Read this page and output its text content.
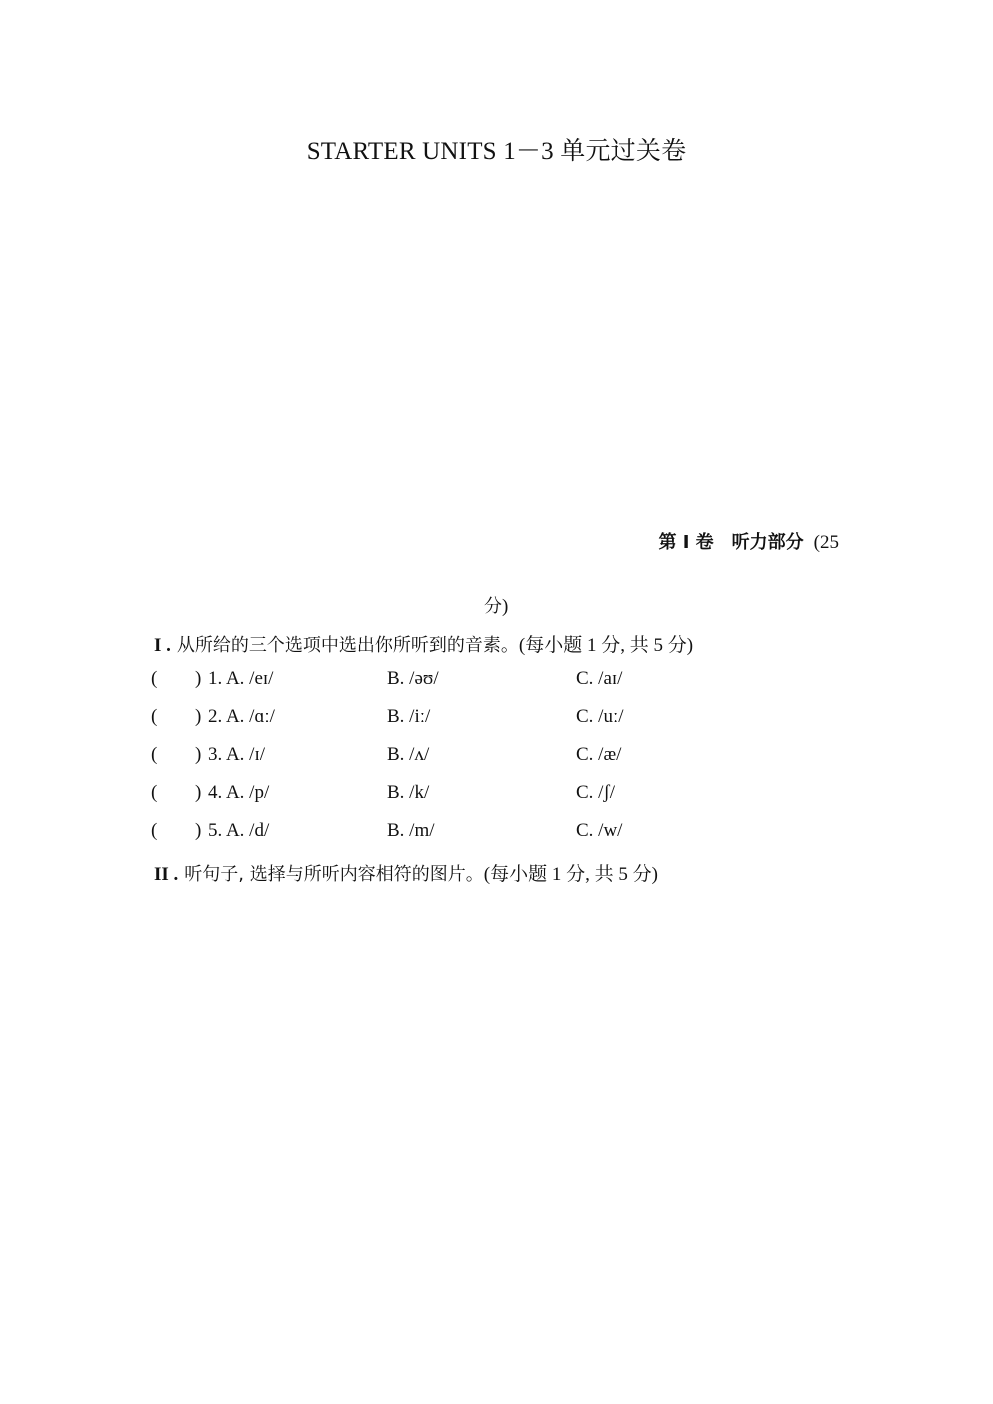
STARTER UNITS 1－3 单元过关卷
第 I 卷 听力部分 (25
分)
I . 从所给的三个选项中选出你所听到的音素。(每小题 1 分, 共 5 分)
( ) 1. A. /eɪ/	B. /əʊ/	C. /aɪ/
( ) 2. A. /ɑː/	B. /iː/	C. /uː/
( ) 3. A. /ɪ/	B. /ʌ/	C. /æ/
( ) 4. A. /p/	B. /k/	C. /ʃ/
( ) 5. A. /d/	B. /m/	C. /w/
II . 听句子, 选择与所听内容相符的图片。(每小题 1 分, 共 5 分)
